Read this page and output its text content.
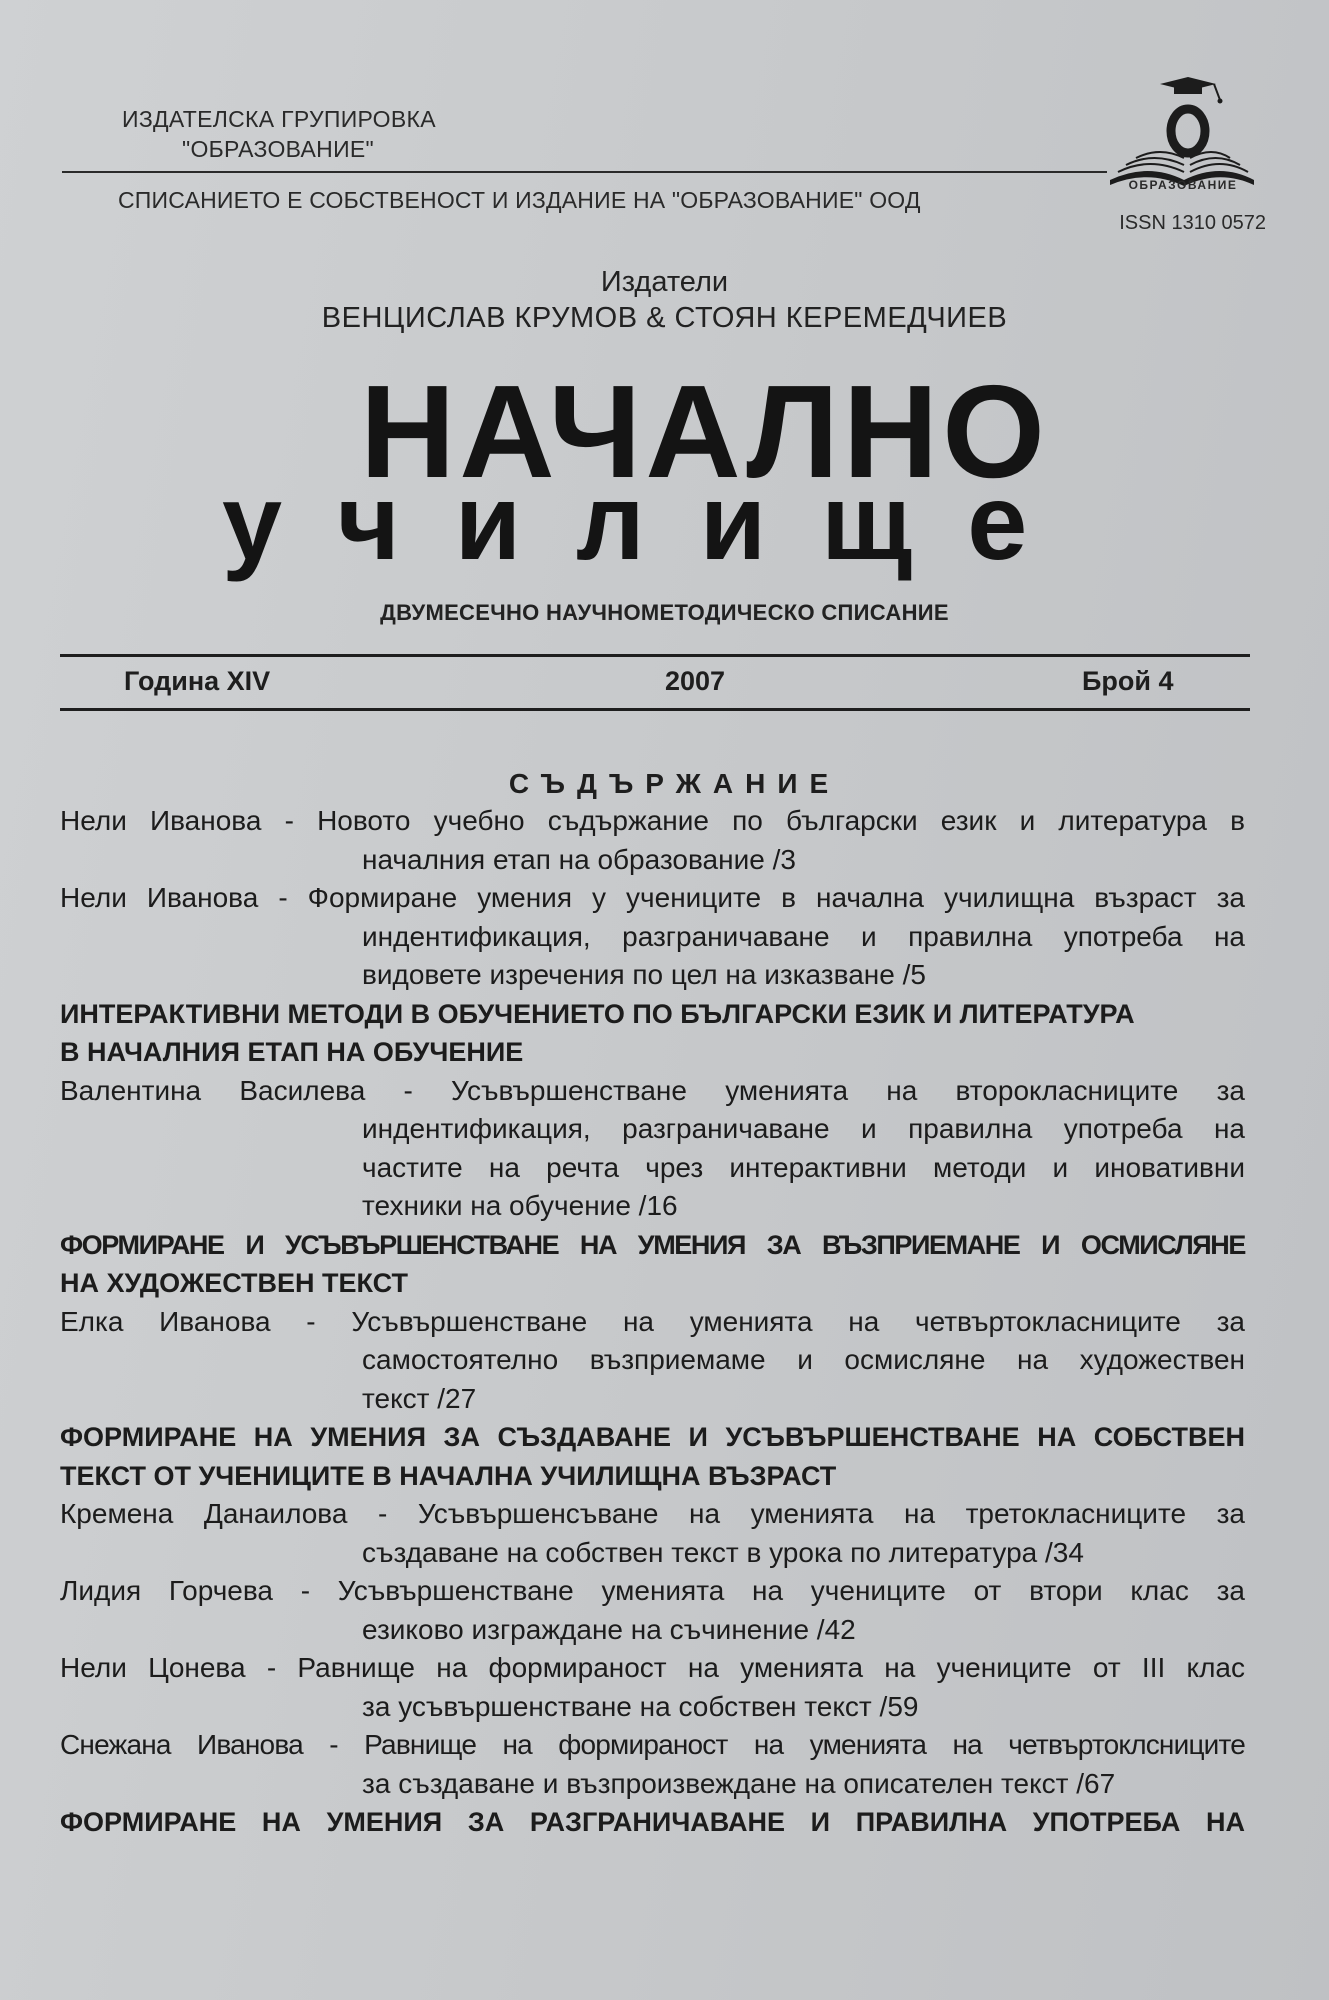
ИЗДАТЕЛСКА ГРУПИРОВКА
"ОБРАЗОВАНИЕ"
СПИСАНИЕТО Е СОБСТВЕНОСТ И ИЗДАНИЕ НА "ОБРАЗОВАНИЕ" ООД
ОБРАЗОВАНИЕ
ISSN 1310 0572
Издатели
ВЕНЦИСЛАВ КРУМОВ & СТОЯН КЕРЕМЕДЧИЕВ
НАЧАЛНО
училище
ДВУМЕСЕЧНО НАУЧНОМЕТОДИЧЕСКО СПИСАНИЕ
Година XIV	2007	Брой 4
СЪДЪРЖАНИЕ

Нели Иванова - Новото учебно съдържание по български език и литература в

началния етап на образование /3

Нели Иванова - Формиране умения у учениците в начална училищна възраст за

индентификация, разграничаване и правилна употреба на

видовете изречения по цел на изказване /5

ИНТЕРАКТИВНИ МЕТОДИ В ОБУЧЕНИЕТО ПО БЪЛГАРСКИ ЕЗИК И ЛИТЕРАТУРА

В НАЧАЛНИЯ ЕТАП НА ОБУЧЕНИЕ

Валентина Василева - Усъвършенстване уменията на второкласниците за

индентификация, разграничаване и правилна употреба на

частите на речта чрез интерактивни методи и иновативни

техники на обучение /16

ФОРМИРАНЕ И УСЪВЪРШЕНСТВАНЕ НА УМЕНИЯ ЗА ВЪЗПРИЕМАНЕ И ОСМИСЛЯНЕ

НА ХУДОЖЕСТВЕН ТЕКСТ

Елка Иванова - Усъвършенстване на уменията на четвъртокласниците за

самостоятелно възприемаме и осмисляне на художествен

текст /27

ФОРМИРАНЕ НА УМЕНИЯ ЗА СЪЗДАВАНЕ И УСЪВЪРШЕНСТВАНЕ НА СОБСТВЕН

ТЕКСТ ОТ УЧЕНИЦИТЕ В НАЧАЛНА УЧИЛИЩНА ВЪЗРАСТ

Кремена Данаилова - Усъвършенсъване на уменията на третокласниците за

създаване на собствен текст в урока по литература /34

Лидия Горчева - Усъвършенстване уменията на учениците от втори клас за

езиково изграждане на съчинение /42

Нели Цонева - Равнище на формираност на уменията на учениците от III клас

за усъвършенстване на собствен текст /59

Снежана Иванова - Равнище на формираност на уменията на четвъртоклсниците

за създаване и възпроизвеждане на описателен текст /67

ФОРМИРАНЕ НА УМЕНИЯ ЗА РАЗГРАНИЧАВАНЕ И ПРАВИЛНА УПОТРЕБА НА
